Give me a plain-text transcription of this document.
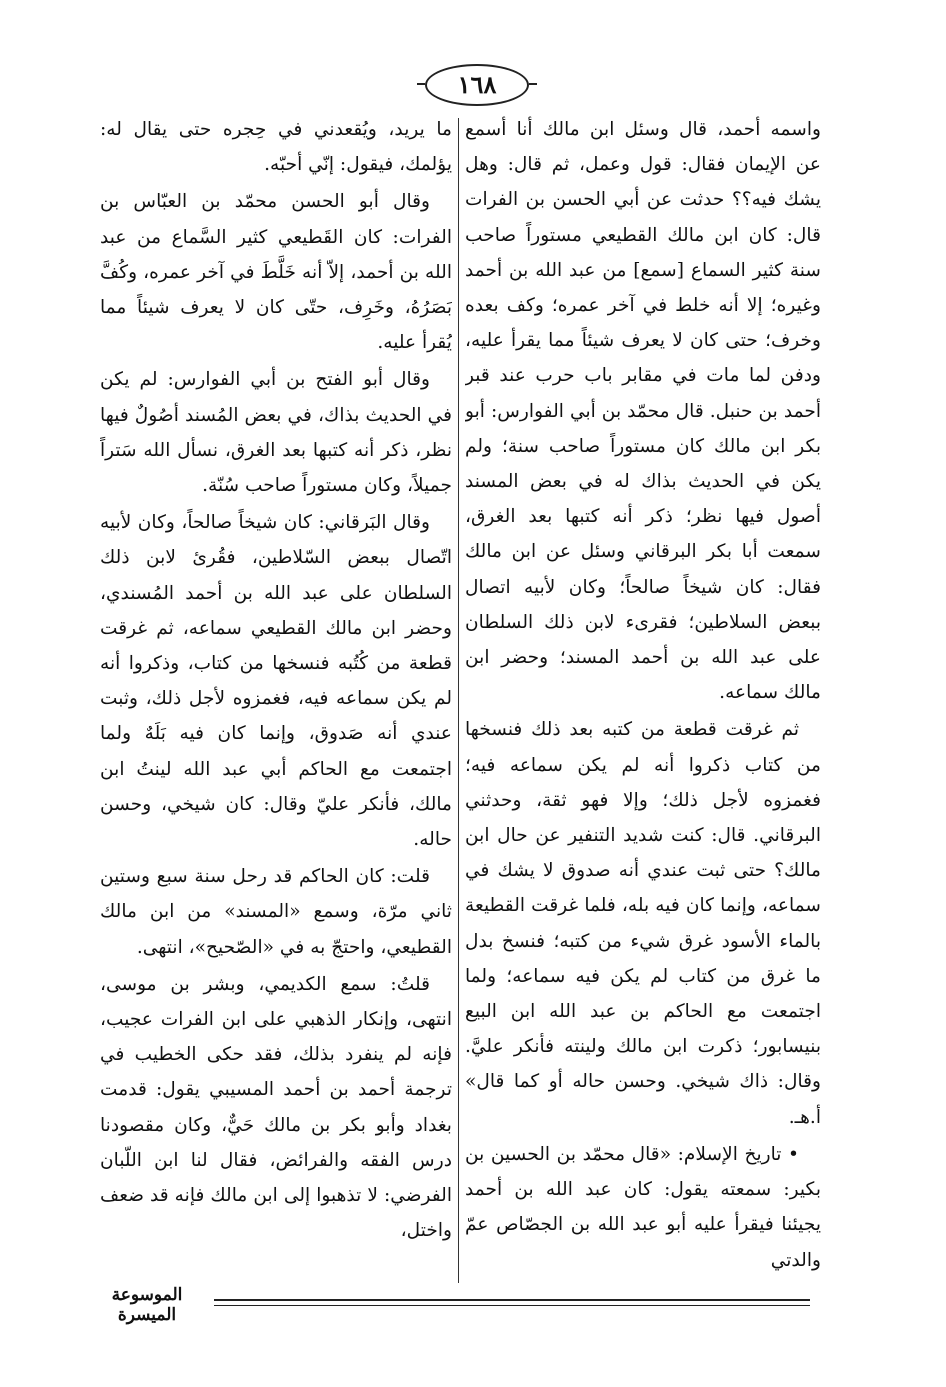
١٦٨

واسمه أحمد، قال وسئل ابن مالك أنا أسمع عن الإيمان فقال: قول وعمل، ثم قال: وهل يشك فيه؟؟ حدثت عن أبي الحسن بن الفرات قال: كان ابن مالك القطيعي مستوراً صاحب سنة كثير السماع [سمع] من عبد الله بن أحمد وغيره؛ إلا أنه خلط في آخر عمره؛ وكف بعده وخرف؛ حتى كان لا يعرف شيئاً مما يقرأ عليه، ودفن لما مات في مقابر باب حرب عند قبر أحمد بن حنبل. قال محمّد بن أبي الفوارس: أبو بكر ابن مالك كان مستوراً صاحب سنة؛ ولم يكن في الحديث بذاك له في بعض المسند أصول فيها نظر؛ ذكر أنه كتبها بعد الغرق، سمعت أبا بكر البرقاني وسئل عن ابن مالك فقال: كان شيخاً صالحاً؛ وكان لأبيه اتصال ببعض السلاطين؛ فقرىء لابن ذلك السلطان على عبد الله بن أحمد المسند؛ وحضر ابن مالك سماعه.

ثم غرقت قطعة من كتبه بعد ذلك فنسخها من كتاب ذكروا أنه لم يكن سماعه فيه؛ فغمزوه لأجل ذلك؛ وإلا فهو ثقة، وحدثني البرقاني. قال: كنت شديد التنفير عن حال ابن مالك؟ حتى ثبت عندي أنه صدوق لا يشك في سماعه، وإنما كان فيه بله، فلما غرقت القطيعة بالماء الأسود غرق شيء من كتبه؛ فنسخ بدل ما غرق من كتاب لم يكن فيه سماعه؛ ولما اجتمعت مع الحاكم بن عبد الله ابن البيع بنيسابور؛ ذكرت ابن مالك ولينته فأنكر عليَّ. وقال: ذاك شيخي. وحسن حاله أو كما قال» أ.هـ.

• تاريخ الإسلام: «قال محمّد بن الحسين بن بكير: سمعته يقول: كان عبد الله بن أحمد يجيئنا فيقرأ عليه أبو عبد الله بن الجصّاص عمّ والدتي

ما يريد، ويُقعدني في حِجره حتى يقال له: يؤلمك، فيقول: إنّي أحبّه.

وقال أبو الحسن محمّد بن العبّاس بن الفرات: كان القَطيعي كثير السَّماع من عبد الله بن أحمد، إلاّ أنه خَلَّطَ في آخر عمره، وكُفَّ بَصَرُهُ، وخَرِف، حتّى كان لا يعرف شيئاً مما يُقرأ عليه.

وقال أبو الفتح بن أبي الفوارس: لم يكن في الحديث بذاك، في بعض المُسند أصُولٌ فيها نظر، ذكر أنه كتبها بعد الغرق، نسأل الله سَتراً جميلاً، وكان مستوراً صاحب سُنّة.

وقال البَرقاني: كان شيخاً صالحاً، وكان لأبيه اتّصال ببعض السّلاطين، فقُرئ لابن ذلك السلطان على عبد الله بن أحمد المُسندي، وحضر ابن مالك القطيعي سماعه، ثم غرقت قطعة من كُتُبه فنسخها من كتاب، وذكروا أنه لم يكن سماعه فيه، فغمزوه لأجل ذلك، وثبت عندي أنه صَدوق، وإنما كان فيه بَلَهٌ ولما اجتمعت مع الحاكم أبي عبد الله لينتُ ابن مالك، فأنكر عليّ وقال: كان شيخي، وحسن حاله.

قلت: كان الحاكم قد رحل سنة سبع وستين ثاني مرّة، وسمع «المسند» من ابن مالك القطيعي، واحتجّ به في «الصّحيح»، انتهى.

قلتُ: سمع الكديمي، وبشر بن موسى، انتهى، وإنكار الذهبي على ابن الفرات عجيب، فإنه لم ينفرد بذلك، فقد حكى الخطيب في ترجمة أحمد بن أحمد المسيبي يقول: قدمت بغداد وأبو بكر بن مالك حَيٌّ، وكان مقصودنا درس الفقه والفرائض، فقال لنا ابن اللّبان الفرضي: لا تذهبوا إلى ابن مالك فإنه قد ضعف واختل،

الموسوعة الميسرة
